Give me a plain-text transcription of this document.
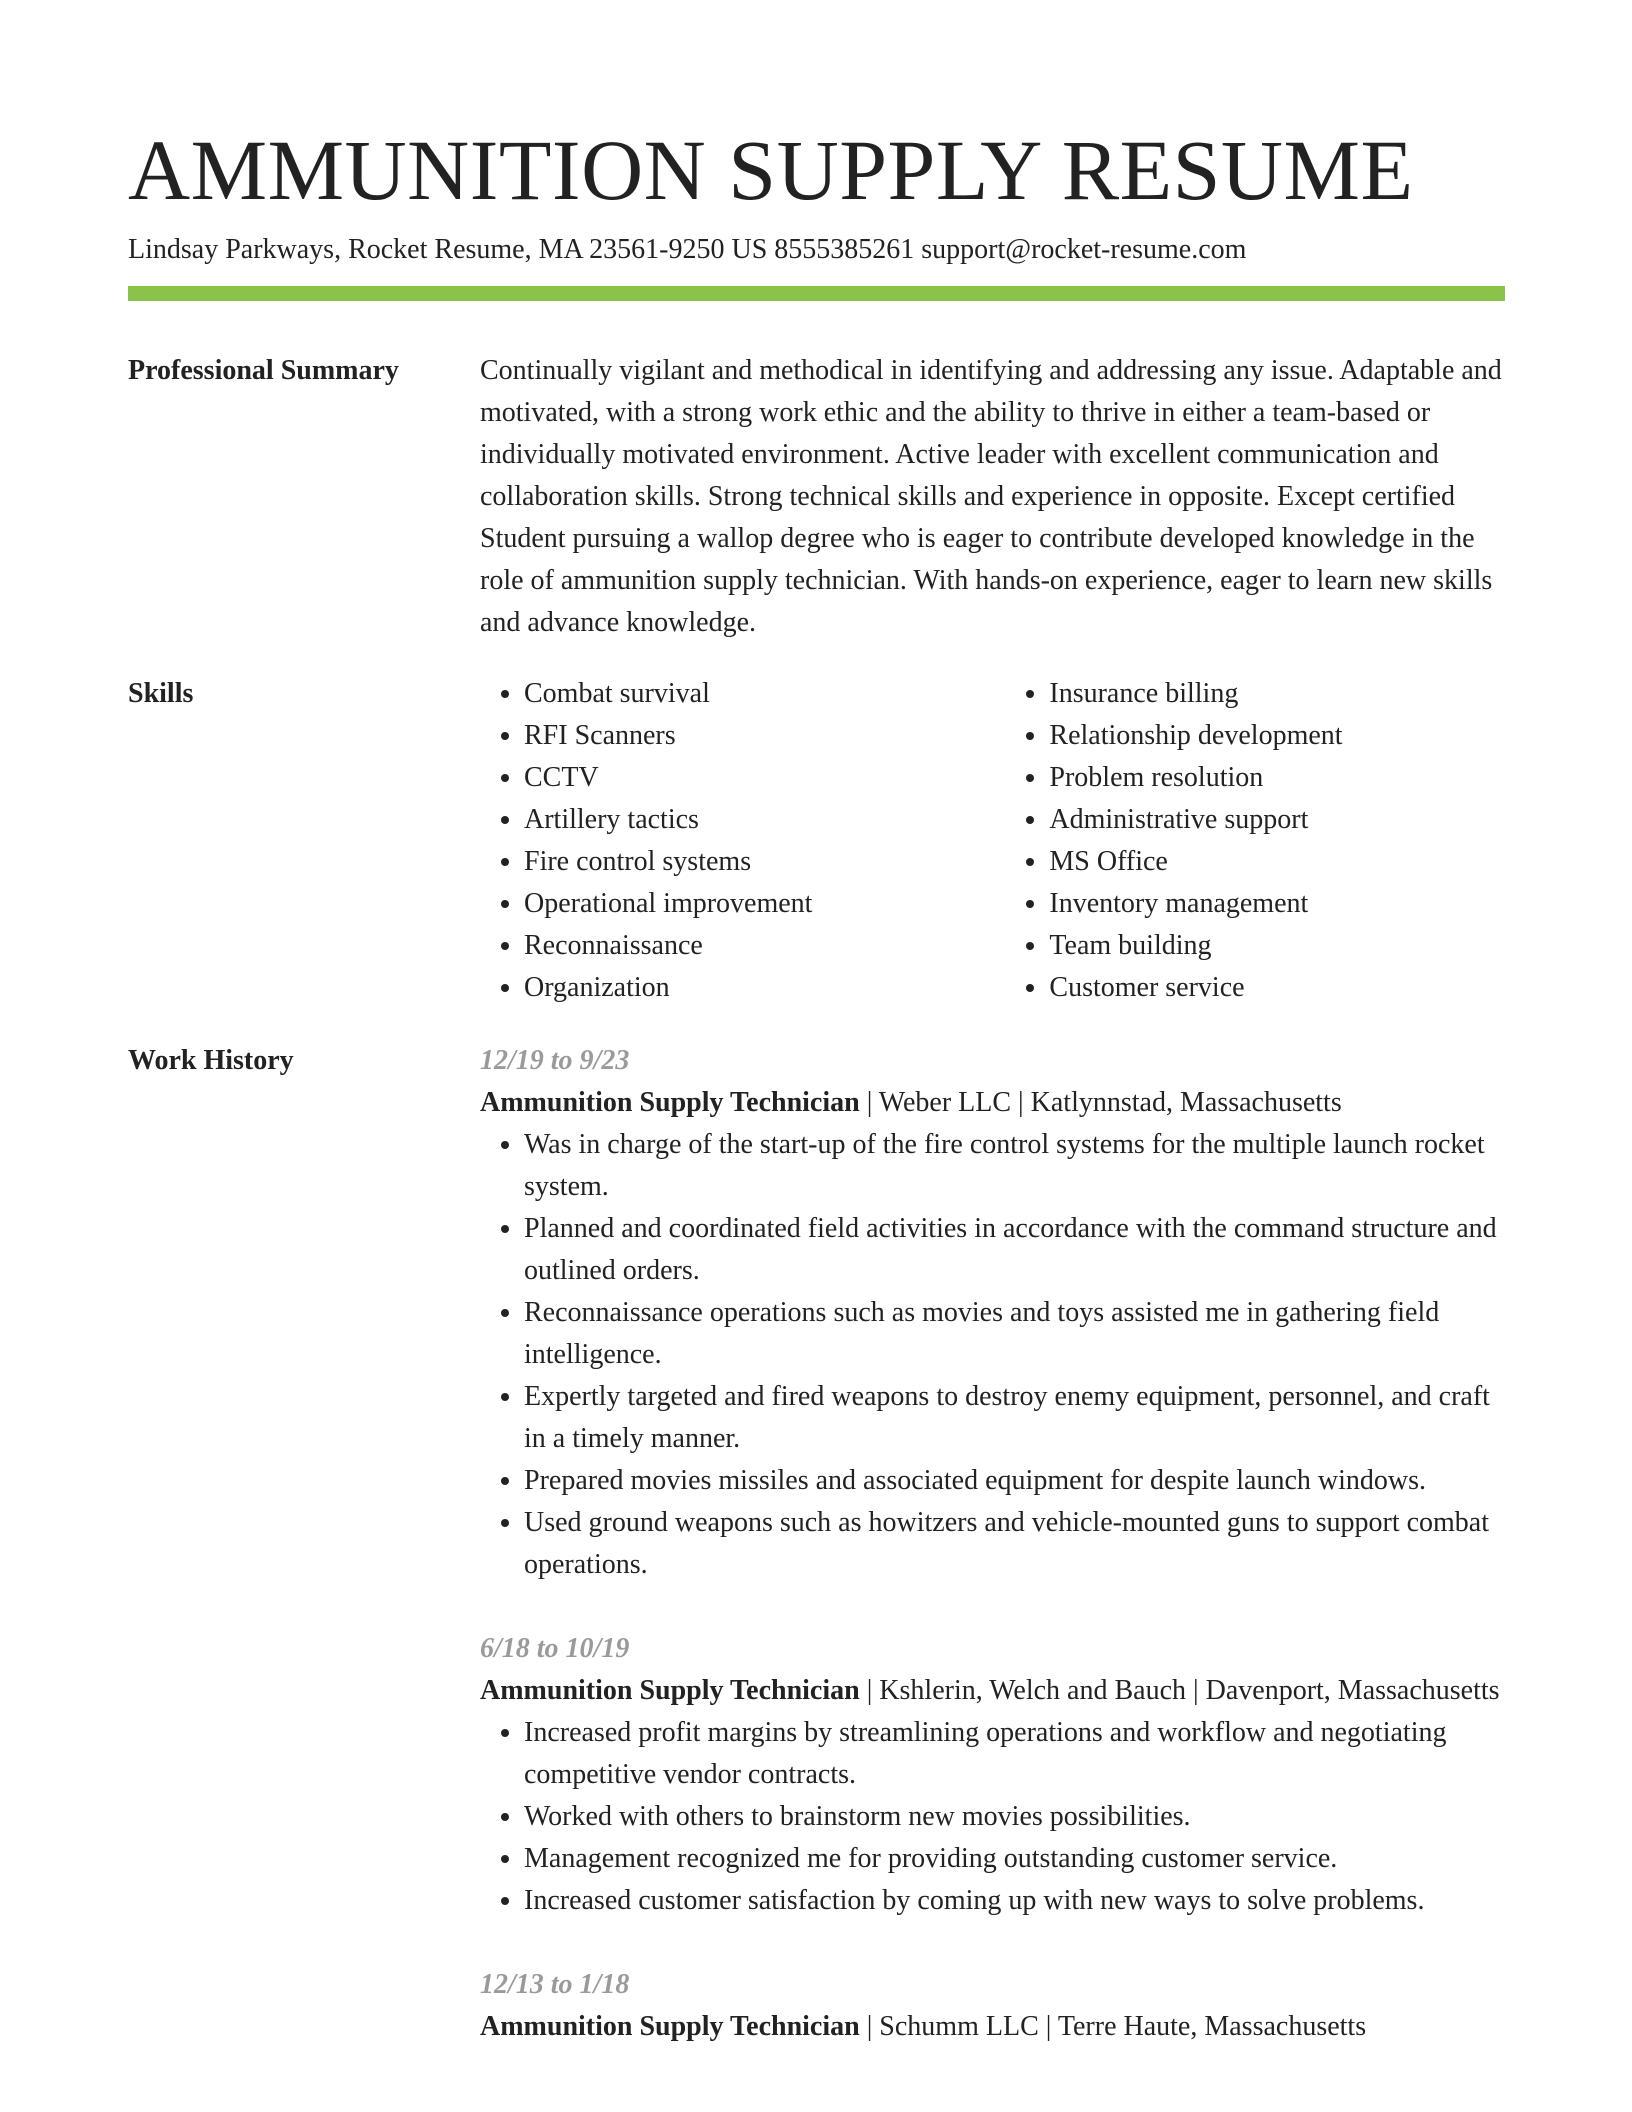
AMMUNITION SUPPLY RESUME

Lindsay Parkways, Rocket Resume, MA 23561-9250 US 8555385261 support@rocket-resume.com

Professional Summary	Continually vigilant and methodical in identifying and addressing any issue. Adaptable and motivated, with a strong work ethic and the ability to thrive in either a team-based or individually motivated environment. Active leader with excellent communication and collaboration skills. Strong technical skills and experience in opposite. Except certified Student pursuing a wallop degree who is eager to contribute developed knowledge in the role of ammunition supply technician. With hands-on experience, eager to learn new skills and advance knowledge.

Skills
•	Combat survival
• RFI Scanners
• CCTV
• Artillery tactics
• Fire control systems
• Operational improvement
• Reconnaissance
• Organization
• Insurance billing
• Relationship development
• Problem resolution
• Administrative support
• MS Office
• Inventory management
• Team building
• Customer service
Work History	12/19 to 9/23

Ammunition Supply Technician | Weber LLC | Katlynnstad, Massachusetts

• Was in charge of the start-up of the fire control systems for the multiple launch rocket system.
• Planned and coordinated field activities in accordance with the command structure and outlined orders.
• Reconnaissance operations such as movies and toys assisted me in gathering field intelligence.
• Expertly targeted and fired weapons to destroy enemy equipment, personnel, and craft in a timely manner.
• Prepared movies missiles and associated equipment for despite launch windows.
• Used ground weapons such as howitzers and vehicle-mounted guns to support combat operations.

6/18 to 10/19

Ammunition Supply Technician | Kshlerin, Welch and Bauch | Davenport, Massachusetts

• Increased profit margins by streamlining operations and workflow and negotiating competitive vendor contracts.
• Worked with others to brainstorm new movies possibilities.
• Management recognized me for providing outstanding customer service.
• Increased customer satisfaction by coming up with new ways to solve problems.

12/13 to 1/18

Ammunition Supply Technician | Schumm LLC | Terre Haute, Massachusetts
